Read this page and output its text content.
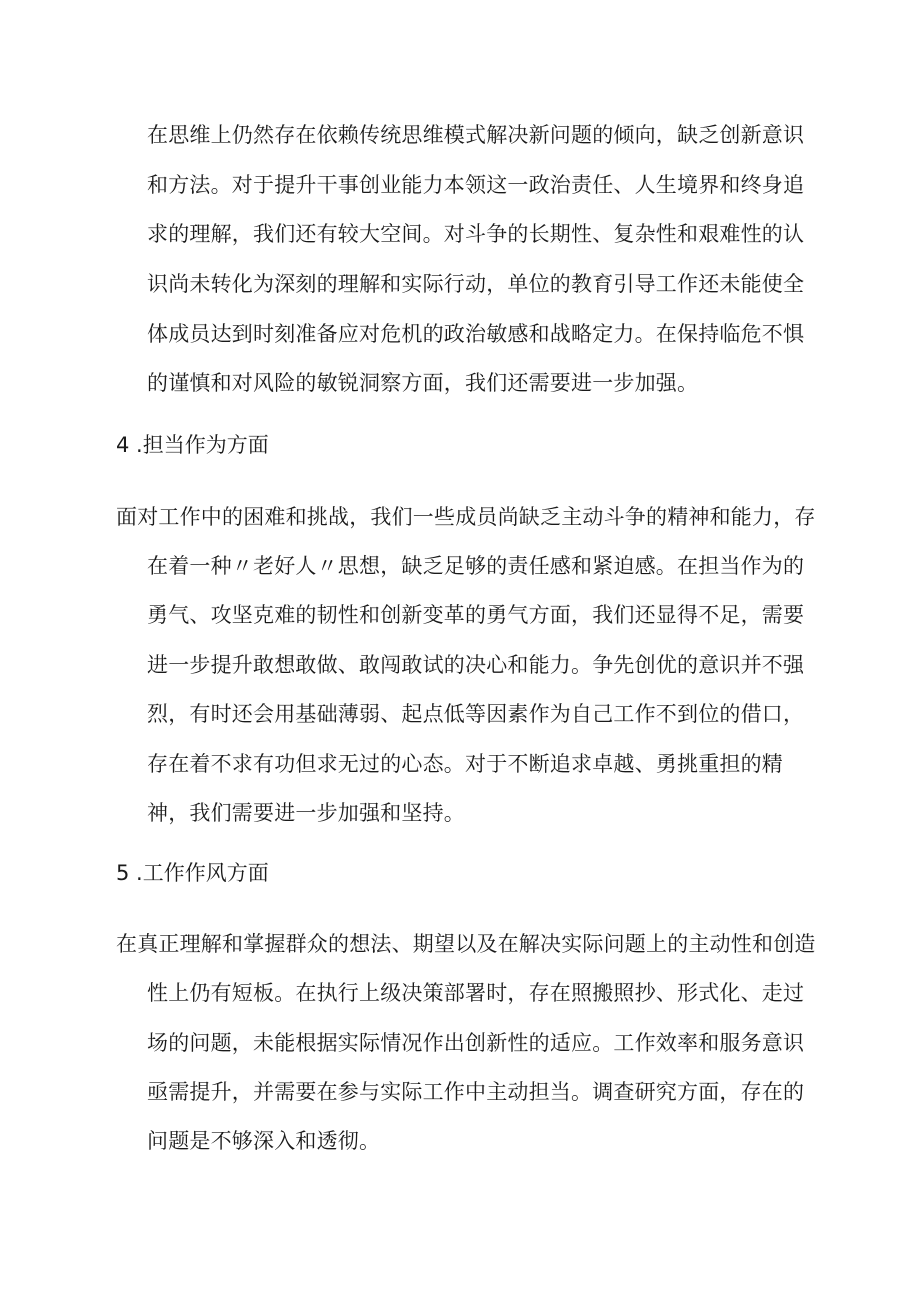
在思维上仍然存在依赖传统思维模式解决新问题的倾向，缺乏创新意识
和方法。对于提升干事创业能力本领这一政治责任、人生境界和终身追
求的理解，我们还有较大空间。对斗争的长期性、复杂性和艰难性的认
识尚未转化为深刻的理解和实际行动，单位的教育引导工作还未能使全
体成员达到时刻准备应对危机的政治敏感和战略定力。在保持临危不惧
的谨慎和对风险的敏锐洞察方面，我们还需要进一步加强。
4 .担当作为方面
面对工作中的困难和挑战，我们一些成员尚缺乏主动斗争的精神和能力，存
在着一种〃老好人〃思想，缺乏足够的责任感和紧迫感。在担当作为的
勇气、攻坚克难的韧性和创新变革的勇气方面，我们还显得不足，需要
进一步提升敢想敢做、敢闯敢试的决心和能力。争先创优的意识并不强
烈，有时还会用基础薄弱、起点低等因素作为自己工作不到位的借口，
存在着不求有功但求无过的心态。对于不断追求卓越、勇挑重担的精
神，我们需要进一步加强和坚持。
5 .工作作风方面
在真正理解和掌握群众的想法、期望以及在解决实际问题上的主动性和创造
性上仍有短板。在执行上级决策部署时，存在照搬照抄、形式化、走过
场的问题，未能根据实际情况作出创新性的适应。工作效率和服务意识
亟需提升，并需要在参与实际工作中主动担当。调查研究方面，存在的
问题是不够深入和透彻。
